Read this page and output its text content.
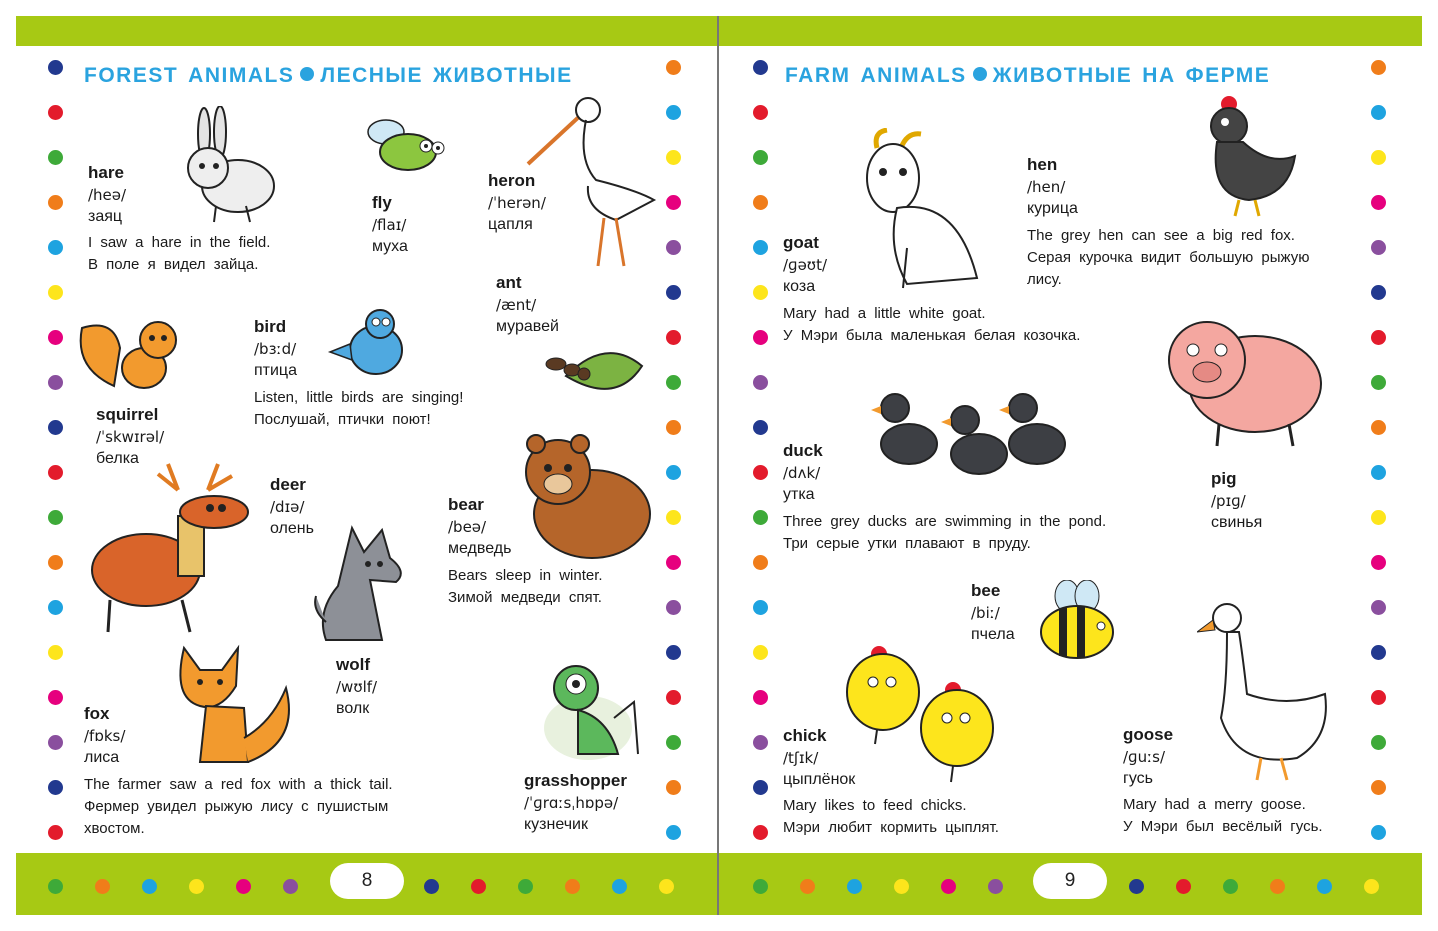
8	9
FOREST ANIMALS ЛЕСНЫЕ ЖИВОТНЫЕ
hare
/heə/
заяц
I saw a hare in the field.
В поле я видел зайца.
fly
/flaɪ/
муха
heron
/ˈherən/
цапля
ant
/ænt/
муравей
squirrel
/ˈskwɪrəl/
белка
bird
/bɜːd/
птица
Listen, little birds are singing!
Послушай, птички поют!
deer
/dɪə/
олень
bear
/beə/
медведь
Bears sleep in winter.
Зимой медведи спят.
wolf
/wʊlf/
волк
fox
/fɒks/
лиса
The farmer saw a red fox with a thick tail.
Фермер увидел рыжую лису с пушистым
хвостом.
grasshopper
/ˈɡrɑːsˌhɒpə/
кузнечик
FARM ANIMALS ЖИВОТНЫЕ НА ФЕРМЕ
goat
/ɡəʊt/
коза
Mary had a little white goat.
У Мэри была маленькая белая козочка.
hen
/hen/
курица
The grey hen can see a big red fox.
Серая курочка видит большую рыжую
лису.
pig
/pɪɡ/
свинья
duck
/dʌk/
утка
Three grey ducks are swimming in the pond.
Три серые утки плавают в пруду.
bee
/biː/
пчела
chick
/tʃɪk/
цыплёнок
Mary likes to feed chicks.
Мэри любит кормить цыплят.
goose
/ɡuːs/
гусь
Mary had a merry goose.
У Мэри был весёлый гусь.
